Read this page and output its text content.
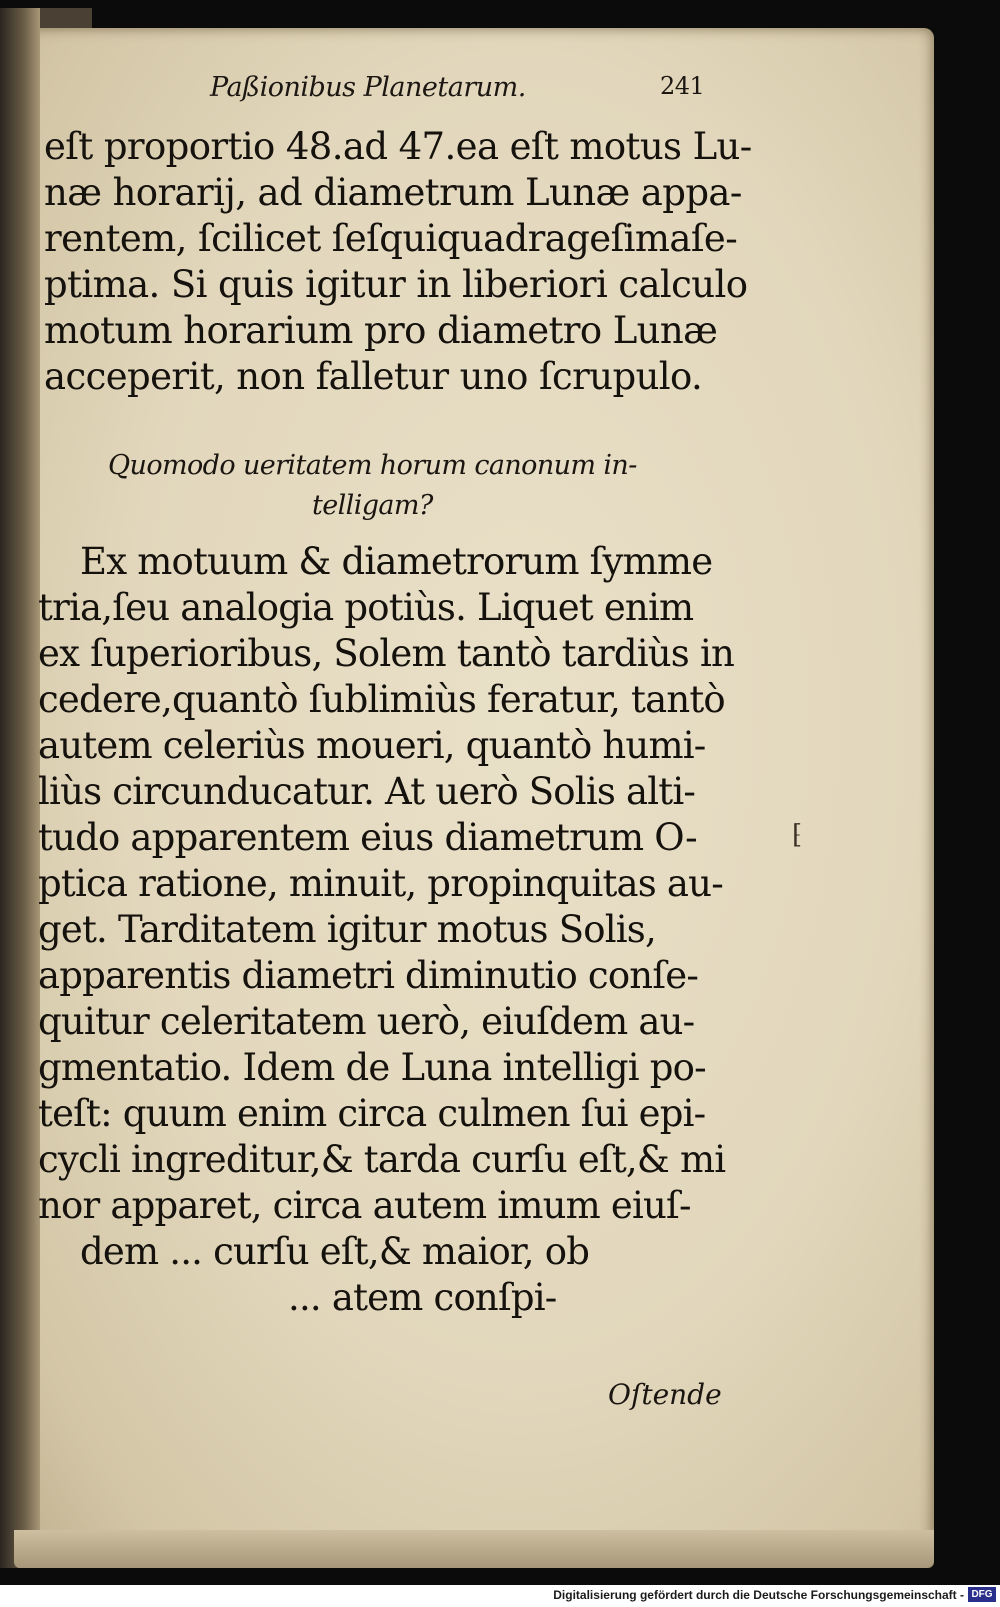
Paßionibus Planetarum.	241
eſt proportio 48.ad 47.ea eſt motus Lu-
næ horarij, ad diametrum Lunæ appa-
rentem, ſcilicet ſeſquiquadrageſimaſe-
ptima. Si quis igitur in liberiori calculo
motum horarium pro diametro Lunæ
acceperit, non falletur uno ſcrupulo.
Quomodo ueritatem horum canonum in-
telligam?
Ex motuum & diametrorum ſymme
tria,ſeu analogia potiùs. Liquet enim
ex ſuperioribus, Solem tantò tardiùs in
cedere,quantò ſublimiùs feratur, tantò
autem celeriùs moueri, quantò humi-
liùs circunducatur. At uerò Solis alti-
tudo apparentem eius diametrum O-
ptica ratione, minuit, propinquitas au-
get. Tarditatem igitur motus Solis,
apparentis diametri diminutio conſe-
quitur celeritatem uerò, eiuſdem au-
gmentatio. Idem de Luna intelligi po-
teſt: quum enim circa culmen ſui epi-
cycli ingreditur,& tarda curſu eſt,& mi
nor apparet, circa autem imum eiuſ-
dem ... curſu eſt,& maior, ob
... atem conſpi-
⁅
Oſtende
Digitalisierung gefördert durch die Deutsche Forschungsgemeinschaft - DFG
